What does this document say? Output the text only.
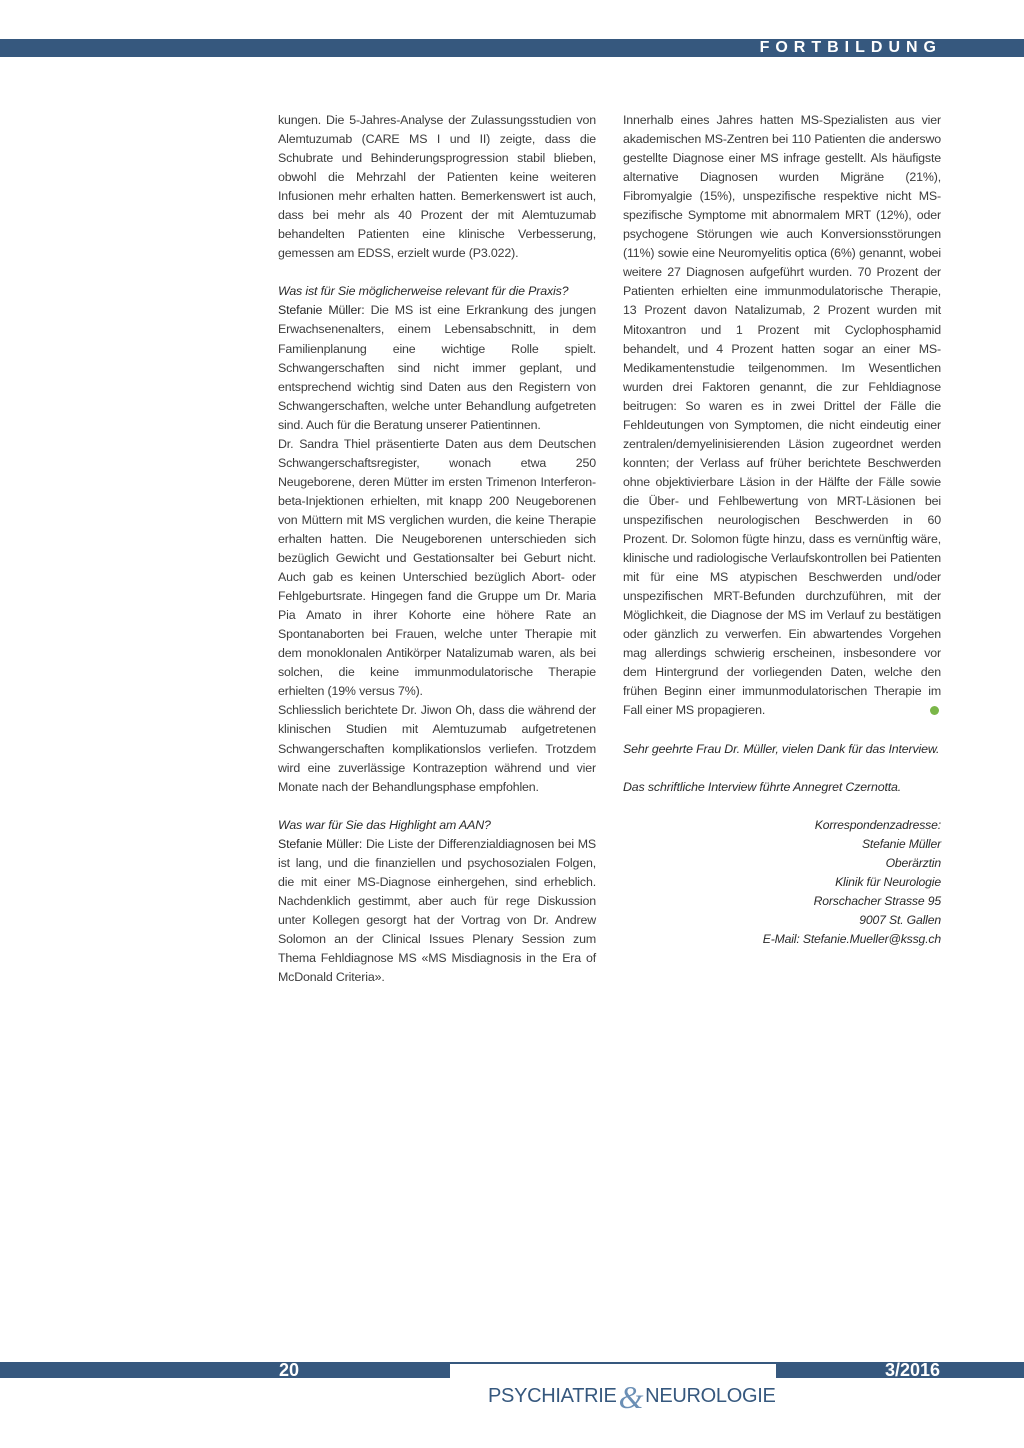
FORTBILDUNG

kungen. Die 5-Jahres-Analyse der Zulassungsstudien von Alemtuzumab (CARE MS I und II) zeigte, dass die Schubrate und Behinderungsprogression stabil blieben, obwohl die Mehrzahl der Patienten keine weiteren Infusionen mehr erhalten hatten. Bemerkenswert ist auch, dass bei mehr als 40 Prozent der mit Alemtuzumab behandelten Patienten eine klinische Verbesserung, gemessen am EDSS, erzielt wurde (P3.022).

Was ist für Sie möglicherweise relevant für die Praxis?

Stefanie Müller: Die MS ist eine Erkrankung des jungen Erwachsenenalters, einem Lebensabschnitt, in dem Familienplanung eine wichtige Rolle spielt. Schwangerschaften sind nicht immer geplant, und entsprechend wichtig sind Daten aus den Registern von Schwangerschaften, welche unter Behandlung aufgetreten sind. Auch für die Beratung unserer Patientinnen.

Dr. Sandra Thiel präsentierte Daten aus dem Deutschen Schwangerschaftsregister, wonach etwa 250 Neugeborene, deren Mütter im ersten Trimenon Interferon-beta-Injektionen erhielten, mit knapp 200 Neugeborenen von Müttern mit MS verglichen wurden, die keine Therapie erhalten hatten. Die Neugeborenen unterschieden sich bezüglich Gewicht und Gestationsalter bei Geburt nicht. Auch gab es keinen Unterschied bezüglich Abort- oder Fehlgeburtsrate. Hingegen fand die Gruppe um Dr. Maria Pia Amato in ihrer Kohorte eine höhere Rate an Spontanaborten bei Frauen, welche unter Therapie mit dem monoklonalen Antikörper Natalizumab waren, als bei solchen, die keine immunmodulatorische Therapie erhielten (19% versus 7%).

Schliesslich berichtete Dr. Jiwon Oh, dass die während der klinischen Studien mit Alemtuzumab aufgetretenen Schwangerschaften komplikationslos verliefen. Trotzdem wird eine zuverlässige Kontrazeption während und vier Monate nach der Behandlungsphase empfohlen.

Was war für Sie das Highlight am AAN?

Stefanie Müller: Die Liste der Differenzialdiagnosen bei MS ist lang, und die finanziellen und psychosozialen Folgen, die mit einer MS-Diagnose einhergehen, sind erheblich. Nachdenklich gestimmt, aber auch für rege Diskussion unter Kollegen gesorgt hat der Vortrag von Dr. Andrew Solomon an der Clinical Issues Plenary Session zum Thema Fehldiagnose MS «MS Misdiagnosis in the Era of McDonald Criteria».

Innerhalb eines Jahres hatten MS-Spezialisten aus vier akademischen MS-Zentren bei 110 Patienten die anderswo gestellte Diagnose einer MS infrage gestellt. Als häufigste alternative Diagnosen wurden Migräne (21%), Fibromyalgie (15%), unspezifische respektive nicht MS-spezifische Symptome mit abnormalem MRT (12%), oder psychogene Störungen wie auch Konversionsstörungen (11%) sowie eine Neuromyelitis optica (6%) genannt, wobei weitere 27 Diagnosen aufgeführt wurden. 70 Prozent der Patienten erhielten eine immunmodulatorische Therapie, 13 Prozent davon Natalizumab, 2 Prozent wurden mit Mitoxantron und 1 Prozent mit Cyclophosphamid behandelt, und 4 Prozent hatten sogar an einer MS-Medikamentenstudie teilgenommen. Im Wesentlichen wurden drei Faktoren genannt, die zur Fehldiagnose beitrugen: So waren es in zwei Drittel der Fälle die Fehldeutungen von Symptomen, die nicht eindeutig einer zentralen/demyelinisierenden Läsion zugeordnet werden konnten; der Verlass auf früher berichtete Beschwerden ohne objektivierbare Läsion in der Hälfte der Fälle sowie die Über- und Fehlbewertung von MRT-Läsionen bei unspezifischen neurologischen Beschwerden in 60 Prozent. Dr. Solomon fügte hinzu, dass es vernünftig wäre, klinische und radiologische Verlaufskontrollen bei Patienten mit für eine MS atypischen Beschwerden und/oder unspezifischen MRT-Befunden durchzuführen, mit der Möglichkeit, die Diagnose der MS im Verlauf zu bestätigen oder gänzlich zu verwerfen. Ein abwartendes Vorgehen mag allerdings schwierig erscheinen, insbesondere vor dem Hintergrund der vorliegenden Daten, welche den frühen Beginn einer immunmodulatorischen Therapie im Fall einer MS propagieren.

Sehr geehrte Frau Dr. Müller, vielen Dank für das Interview.

Das schriftliche Interview führte Annegret Czernotta.

Korrespondenzadresse:
Stefanie Müller
Oberärztin
Klinik für Neurologie
Rorschacher Strasse 95
9007 St. Gallen
E-Mail: Stefanie.Mueller@kssg.ch
20	3/2016
PSYCHIATRIE& NEUROLOGIE
